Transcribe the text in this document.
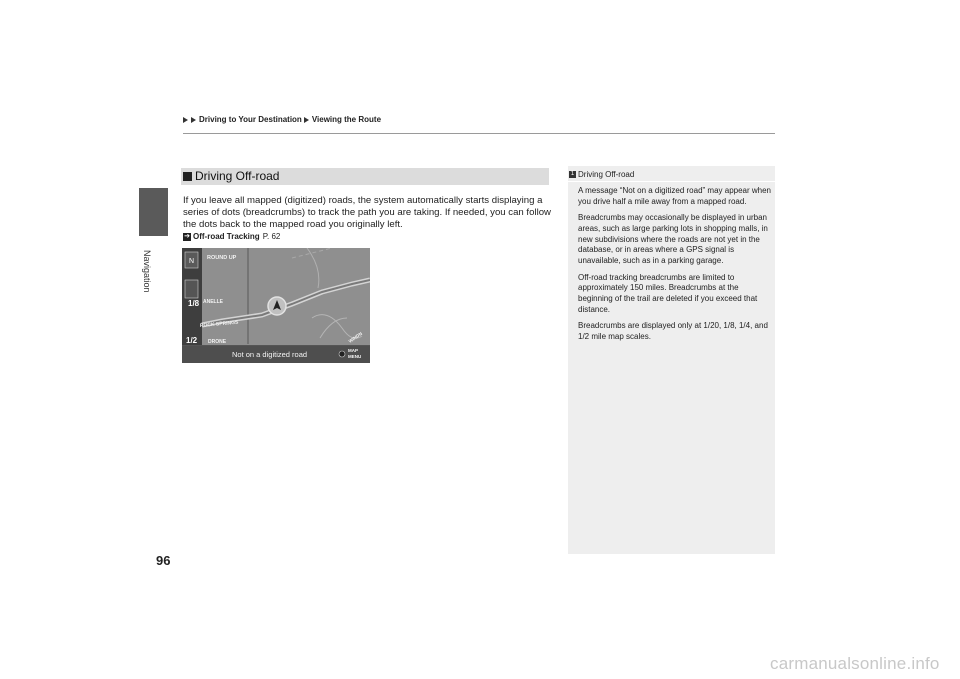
Navigation
96
Driving to Your Destination Viewing the Route
Driving Off-road
If you leave all mapped (digitized) roads, the system automatically starts displaying a series of dots (breadcrumbs) to track the path you are taking. If needed, you can follow the dots back to the mapped road you originally left.
➔ Off-road Tracking P. 62
N ROUND UP
ANELLE
ROCK SPRINGS
DRONE	WINDN
1/8
1/2
Not on a digitized road	MAP
MENU
1 Driving Off-road

A message “Not on a digitized road” may appear when you drive half a mile away from a mapped road.

Breadcrumbs may occasionally be displayed in urban areas, such as large parking lots in shopping malls, in new subdivisions where the roads are not yet in the database, or in areas where a GPS signal is unavailable, such as in a parking garage.

Off-road tracking breadcrumbs are limited to approximately 150 miles. Breadcrumbs at the beginning of the trail are deleted if you exceed that distance.

Breadcrumbs are displayed only at 1/20, 1/8, 1/4, and 1/2 mile map scales.

carmanualsonline.info
